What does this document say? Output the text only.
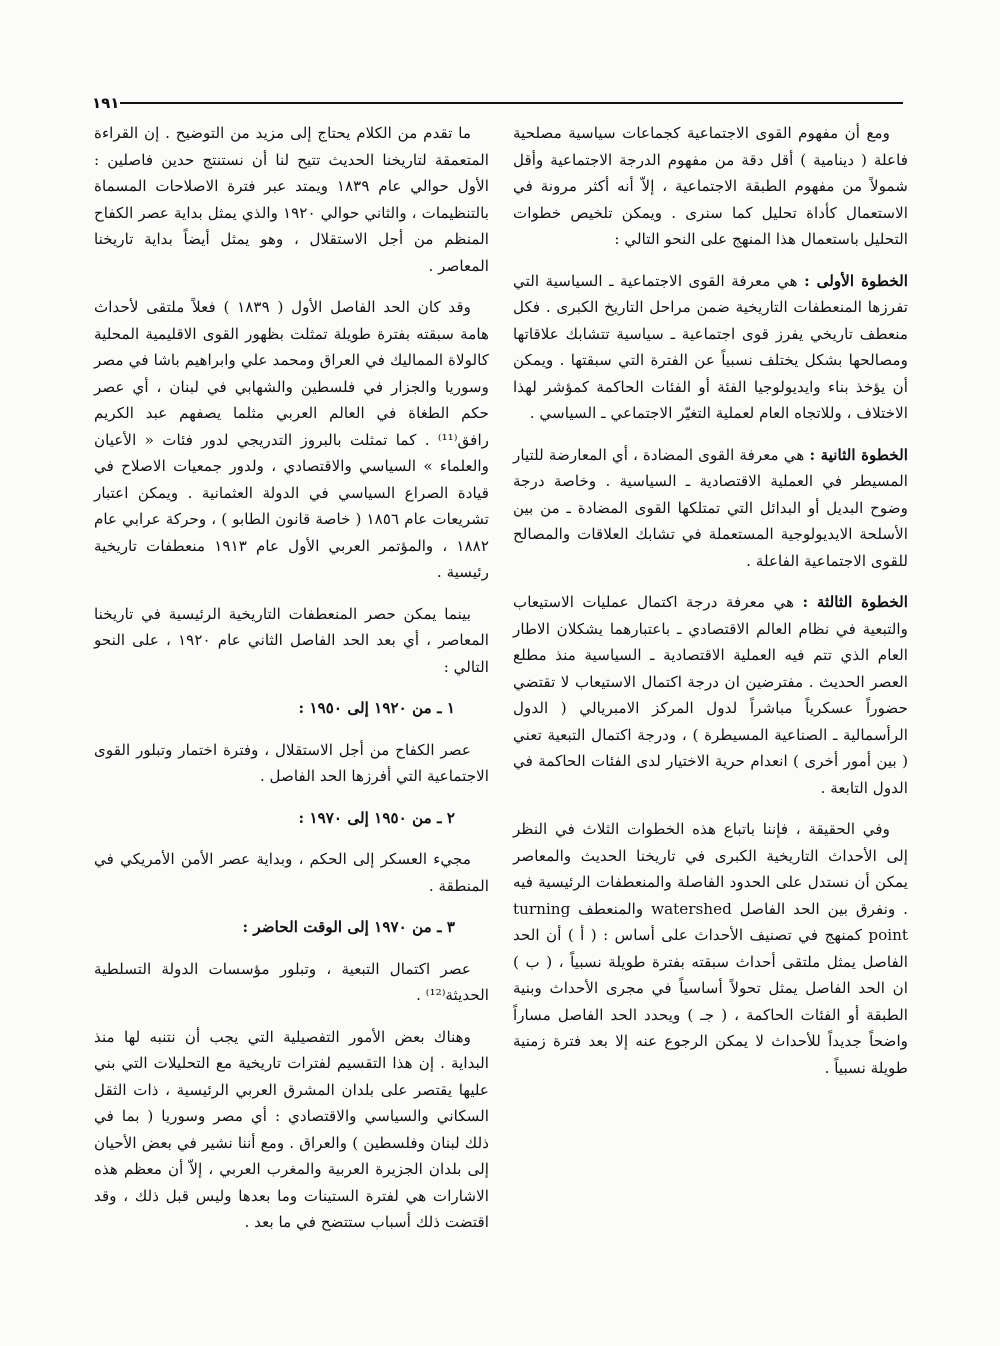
١٩١

ومع أن مفهوم القوى الاجتماعية كجماعات سياسية مصلحية فاعلة ( دينامية ) أقل دقة من مفهوم الدرجة الاجتماعية وأقل شمولاً من مفهوم الطبقة الاجتماعية ، إلاّ أنه أكثر مرونة في الاستعمال كأداة تحليل كما سنرى . ويمكن تلخيص خطوات التحليل باستعمال هذا المنهج على النحو التالي :

الخطوة الأولى : هي معرفة القوى الاجتماعية ـ السياسية التي تفرزها المنعطفات التاريخية ضمن مراحل التاريخ الكبرى . فكل منعطف تاريخي يفرز قوى اجتماعية ـ سياسية تتشابك علاقاتها ومصالحها بشكل يختلف نسبياً عن الفترة التي سبقتها . ويمكن أن يؤخذ بناء وايديولوجيا الفئة أو الفئات الحاكمة كمؤشر لهذا الاختلاف ، وللاتجاه العام لعملية التغيّر الاجتماعي ـ السياسي .

الخطوة الثانية : هي معرفة القوى المضادة ، أي المعارضة للتيار المسيطر في العملية الاقتصادية ـ السياسية . وخاصة درجة وضوح البديل أو البدائل التي تمتلكها القوى المضادة ـ من بين الأسلحة الايديولوجية المستعملة في تشابك العلاقات والمصالح للقوى الاجتماعية الفاعلة .

الخطوة الثالثة : هي معرفة درجة اكتمال عمليات الاستيعاب والتبعية في نظام العالم الاقتصادي ـ باعتبارهما يشكلان الاطار العام الذي تتم فيه العملية الاقتصادية ـ السياسية منذ مطلع العصر الحديث . مفترضين ان درجة اكتمال الاستيعاب لا تقتضي حضوراً عسكرياً مباشراً لدول المركز الامبريالي ( الدول الرأسمالية ـ الصناعية المسيطرة ) ، ودرجة اكتمال التبعية تعني ( بين أمور أخرى ) انعدام حرية الاختيار لدى الفئات الحاكمة في الدول التابعة .

وفي الحقيقة ، فإننا باتباع هذه الخطوات الثلاث في النظر إلى الأحداث التاريخية الكبرى في تاريخنا الحديث والمعاصر يمكن أن نستدل على الحدود الفاصلة والمنعطفات الرئيسية فيه . ونفرق بين الحد الفاصل watershed والمنعطف turning point كمنهج في تصنيف الأحداث على أساس : ( أ ) أن الحد الفاصل يمثل ملتقى أحداث سبقته بفترة طويلة نسبياً ، ( ب ) ان الحد الفاصل يمثل تحولاً أساسياً في مجرى الأحداث وبنية الطبقة أو الفئات الحاكمة ، ( جـ ) ويحدد الحد الفاصل مساراً واضحاً جديداً للأحداث لا يمكن الرجوع عنه إلا بعد فترة زمنية طويلة نسبياً .

ما تقدم من الكلام يحتاج إلى مزيد من التوضيح . إن القراءة المتعمقة لتاريخنا الحديث تتيح لنا أن نستنتج حدين فاصلين : الأول حوالي عام ١٨٣٩ ويمتد عبر فترة الاصلاحات المسماة بالتنظيمات ، والثاني حوالي ١٩٢٠ والذي يمثل بداية عصر الكفاح المنظم من أجل الاستقلال ، وهو يمثل أيضاً بداية تاريخنا المعاصر .

وقد كان الحد الفاصل الأول ( ١٨٣٩ ) فعلاً ملتقى لأحداث هامة سبقته بفترة طويلة تمثلت بظهور القوى الاقليمية المحلية كالولاة المماليك في العراق ومحمد علي وابراهيم باشا في مصر وسوريا والجزار في فلسطين والشهابي في لبنان ، أي عصر حكم الطغاة في العالم العربي مثلما يصفهم عبد الكريم رافق⁽¹¹⁾ . كما تمثلت بالبروز التدريجي لدور فئات « الأعيان والعلماء » السياسي والاقتصادي ، ولدور جمعيات الاصلاح في قيادة الصراع السياسي في الدولة العثمانية . ويمكن اعتبار تشريعات عام ١٨٥٦ ( خاصة قانون الطابو ) ، وحركة عرابي عام ١٨٨٢ ، والمؤتمر العربي الأول عام ١٩١٣ منعطفات تاريخية رئيسية .

بينما يمكن حصر المنعطفات التاريخية الرئيسية في تاريخنا المعاصر ، أي بعد الحد الفاصل الثاني عام ١٩٢٠ ، على النحو التالي :

١ ـ من ١٩٢٠ إلى ١٩٥٠ :

عصر الكفاح من أجل الاستقلال ، وفترة اختمار وتبلور القوى الاجتماعية التي أفرزها الحد الفاصل .

٢ ـ من ١٩٥٠ إلى ١٩٧٠ :

مجيء العسكر إلى الحكم ، وبداية عصر الأمن الأمريكي في المنطقة .

٣ ـ من ١٩٧٠ إلى الوقت الحاضر :

عصر اكتمال التبعية ، وتبلور مؤسسات الدولة التسلطية الحديثة⁽¹²⁾ .

وهناك بعض الأمور التفصيلية التي يجب أن نتنبه لها منذ البداية . إن هذا التقسيم لفترات تاريخية مع التحليلات التي بني عليها يقتصر على بلدان المشرق العربي الرئيسية ، ذات الثقل السكاني والسياسي والاقتصادي : أي مصر وسوريا ( بما في ذلك لبنان وفلسطين ) والعراق . ومع أننا نشير في بعض الأحيان إلى بلدان الجزيرة العربية والمغرب العربي ، إلاّ أن معظم هذه الاشارات هي لفترة الستينات وما بعدها وليس قبل ذلك ، وقد اقتضت ذلك أسباب ستتضح في ما بعد .
